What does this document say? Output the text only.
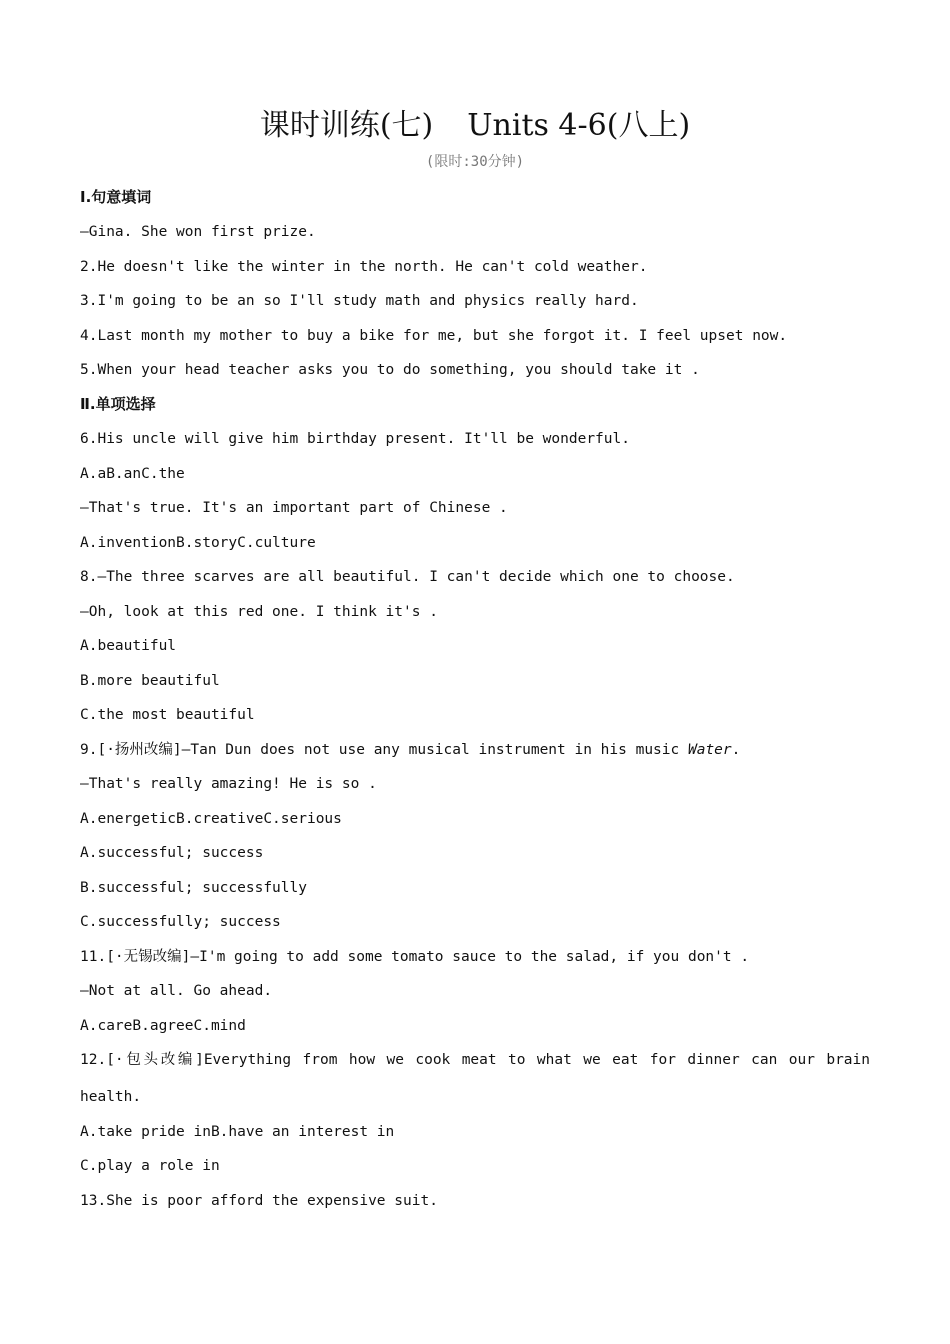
课时训练(七) Units 4-6(八上)
(限时:30分钟)
Ⅰ.句意填词
—Gina. She won first prize.
2.He doesn't like the winter in the north. He can't cold weather.
3.I'm going to be an so I'll study math and physics really hard.
4.Last month my mother to buy a bike for me, but she forgot it. I feel upset now.
5.When your head teacher asks you to do something, you should take it .
Ⅱ.单项选择
6.His uncle will give him birthday present. It'll be wonderful.
A.aB.anC.the
—That's true. It's an important part of Chinese .
A.inventionB.storyC.culture
8.—The three scarves are all beautiful. I can't decide which one to choose.
—Oh, look at this red one. I think it's .
A.beautiful
B.more beautiful
C.the most beautiful
9.[·扬州改编]—Tan Dun does not use any musical instrument in his music Water.
—That's really amazing! He is so .
A.energeticB.creativeC.serious
A.successful; success
B.successful; successfully
C.successfully; success
11.[·无锡改编]—I'm going to add some tomato sauce to the salad, if you don't .
—Not at all. Go ahead.
A.careB.agreeC.mind
12.[·包头改编]Everything from how we cook meat to what we eat for dinner can our brain
health.
A.take pride inB.have an interest in
C.play a role in
13.She is poor afford the expensive suit.
